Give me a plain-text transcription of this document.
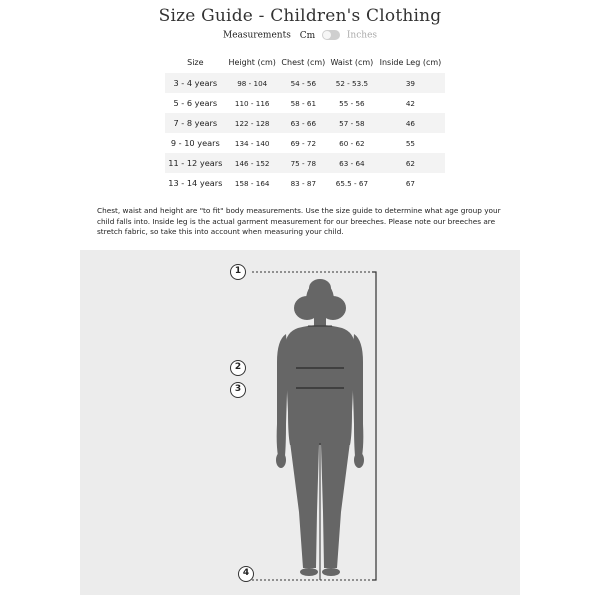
Size Guide - Children's Clothing
Measurements Cm	Inches
Size	Height (cm)	Chest (cm)	Waist (cm)	Inside Leg (cm)
3 - 4 years	98 - 104	54 - 56	52 - 53.5	39
5 - 6 years	110 - 116	58 - 61	55 - 56	42
7 - 8 years	122 - 128	63 - 66	57 - 58	46
9 - 10 years	134 - 140	69 - 72	60 - 62	55
11 - 12 years	146 - 152	75 - 78	63 - 64	62
13 - 14 years	158 - 164	83 - 87	65.5 - 67	67
Chest, waist and height are "to fit" body measurements. Use the size guide to determine what age group your child falls into. Inside leg is the actual garment measurement for our breeches. Please note our breeches are stretch fabric, so take this into account when measuring your child.
1
2
3
4
